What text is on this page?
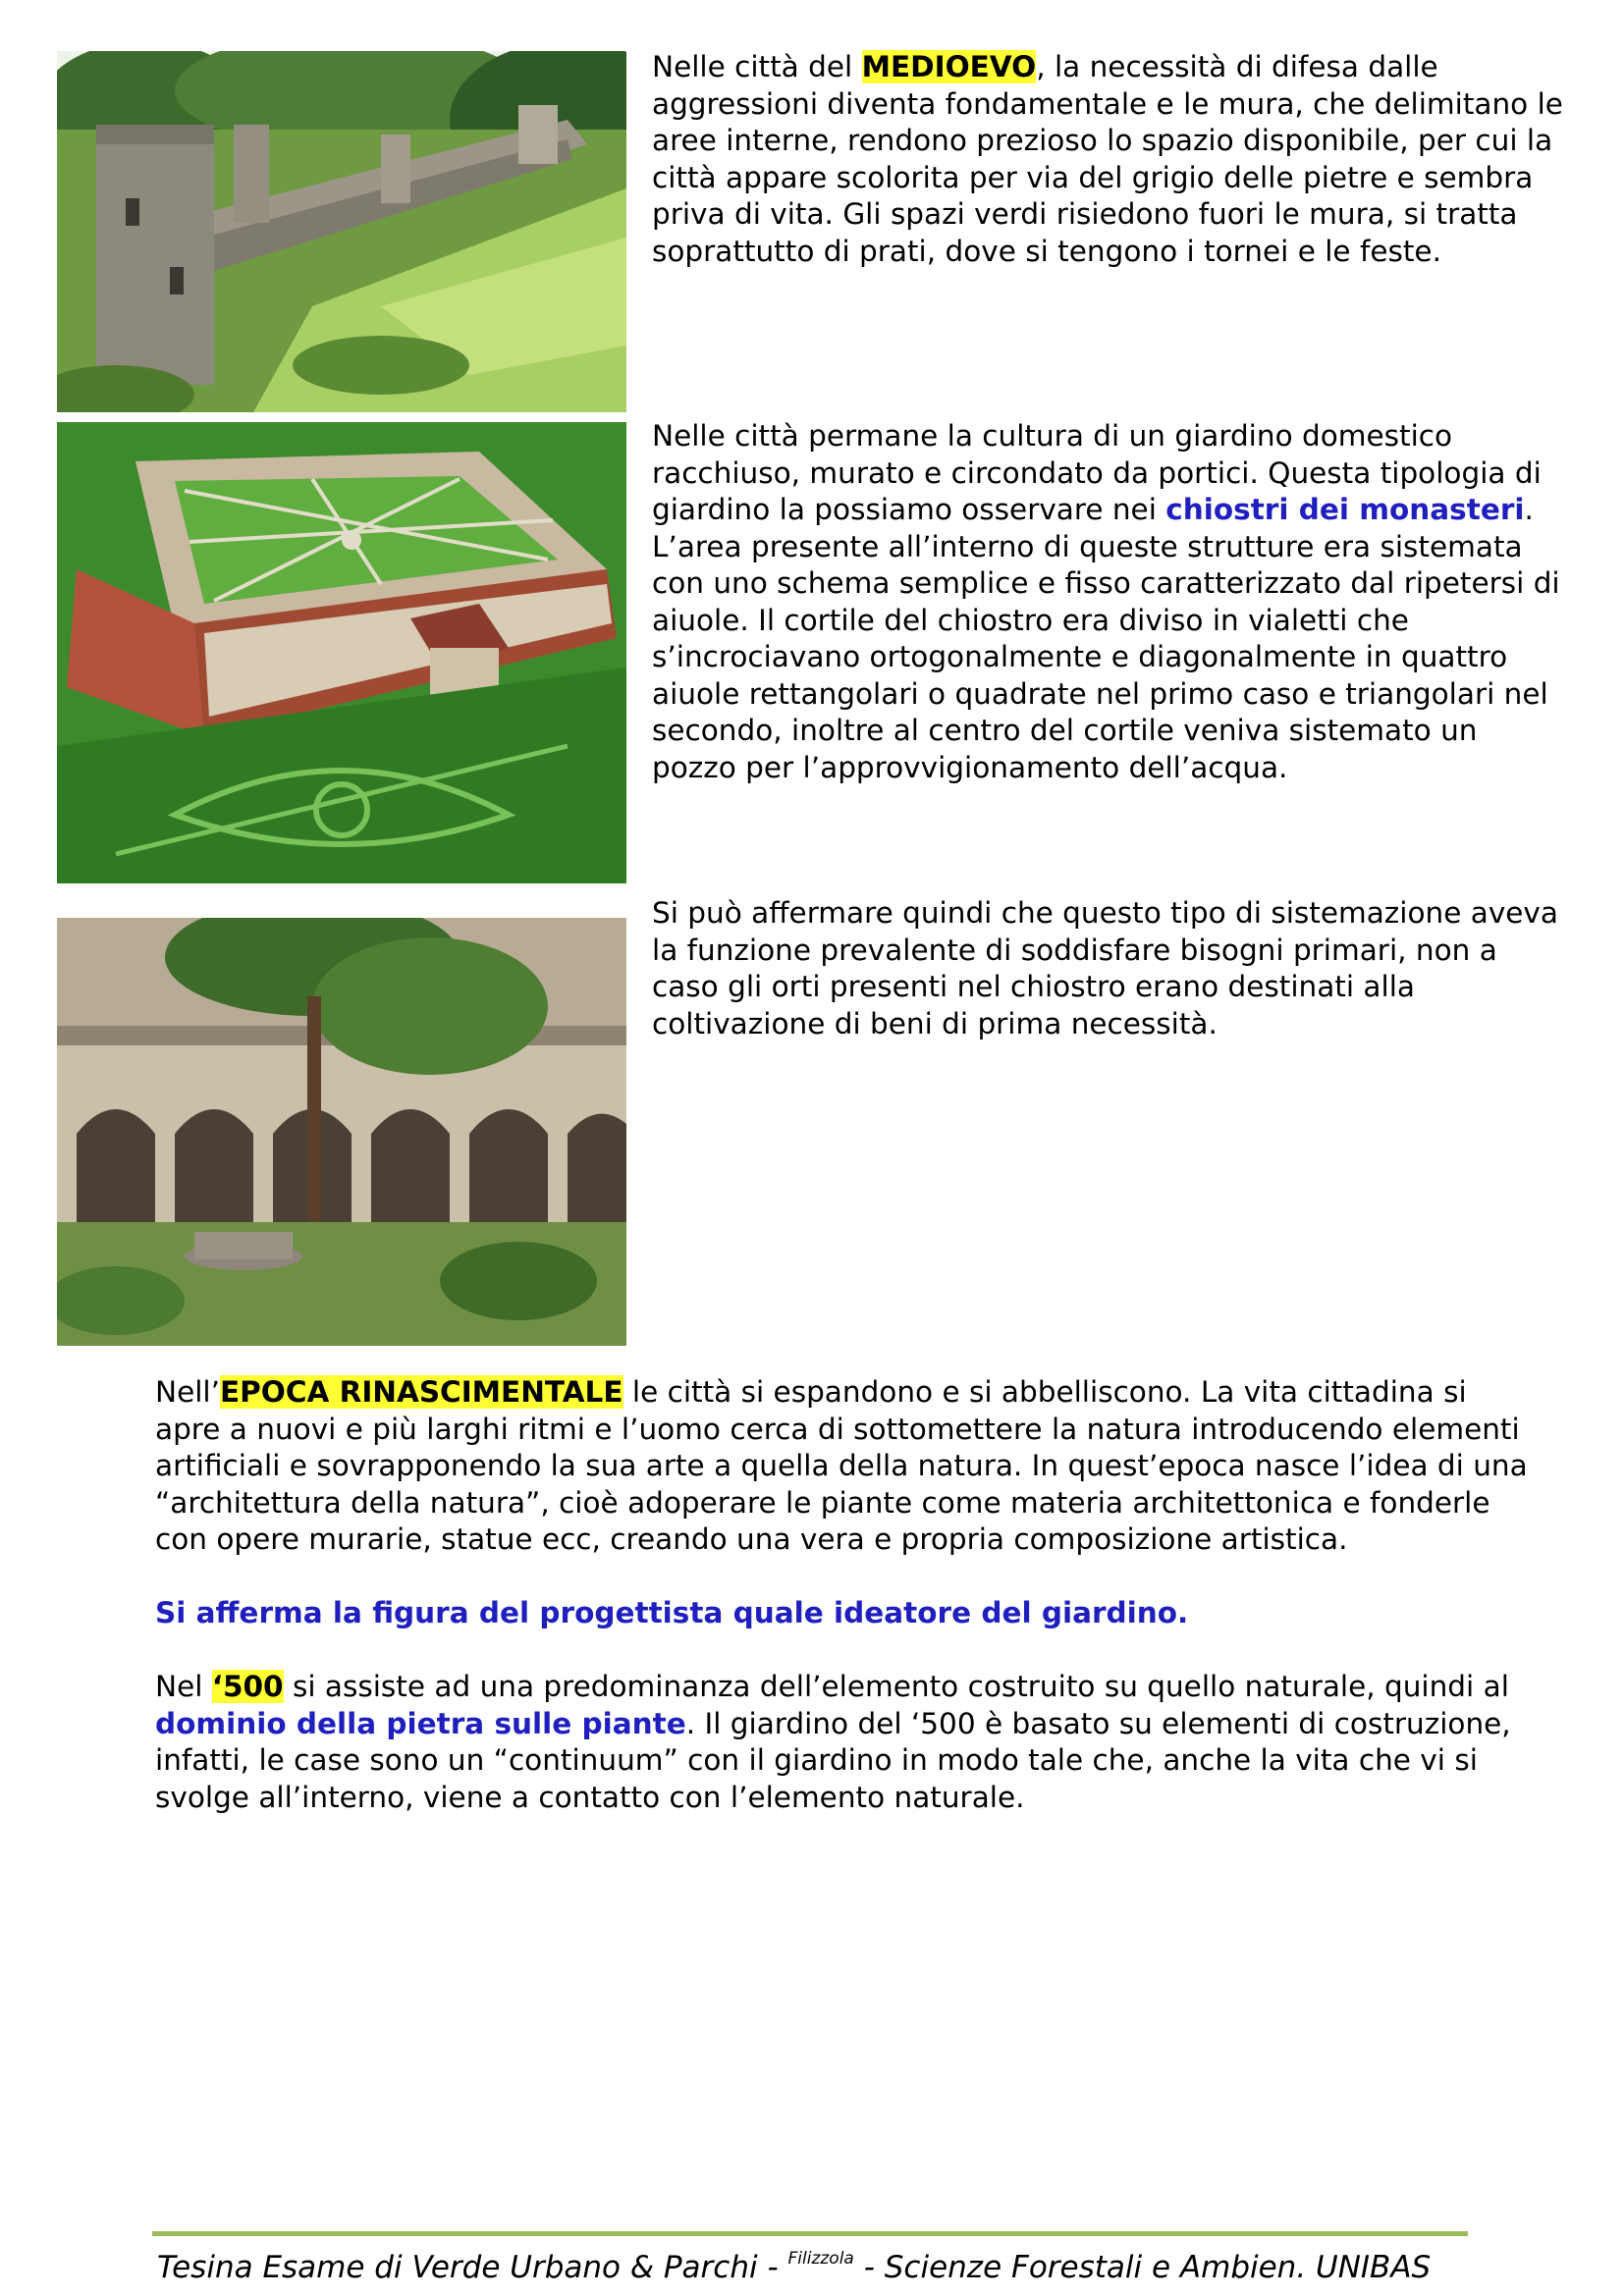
Nelle città del MEDIOEVO, la necessità di difesa dalle aggressioni diventa fondamentale e le mura, che delimitano le aree interne, rendono prezioso lo spazio disponibile, per cui la città appare scolorita per via del grigio delle pietre e sembra priva di vita. Gli spazi verdi risiedono fuori le mura, si tratta soprattutto di prati, dove si tengono i tornei e le feste.

Nelle città permane la cultura di un giardino domestico racchiuso, murato e circondato da portici. Questa tipologia di giardino la possiamo osservare nei chiostri dei monasteri. L’area presente all’interno di queste strutture era sistemata con uno schema semplice e fisso caratterizzato dal ripetersi di aiuole. Il cortile del chiostro era diviso in vialetti che s’incrociavano ortogonalmente e diagonalmente in quattro aiuole rettangolari o quadrate nel primo caso e triangolari nel secondo, inoltre al centro del cortile veniva sistemato un pozzo per l’approvvigionamento dell’acqua.

Si può affermare quindi che questo tipo di sistemazione aveva la funzione prevalente di soddisfare bisogni primari, non a caso gli orti presenti nel chiostro erano destinati alla coltivazione di beni di prima necessità.

Nell’EPOCA RINASCIMENTALE le città si espandono e si abbelliscono. La vita cittadina si apre a nuovi e più larghi ritmi e l’uomo cerca di sottomettere la natura introducendo elementi artificiali e sovrapponendo la sua arte a quella della natura. In quest’epoca nasce l’idea di una “architettura della natura”, cioè adoperare le piante come materia architettonica e fonderle con opere murarie, statue ecc, creando una vera e propria composizione artistica.

Si afferma la figura del progettista quale ideatore del giardino.

Nel ‘500 si assiste ad una predominanza dell’elemento costruito su quello naturale, quindi al dominio della pietra sulle piante. Il giardino del ‘500 è basato su elementi di costruzione, infatti, le case sono un “continuum” con il giardino in modo tale che, anche la vita che vi si svolge all’interno, viene a contatto con l’elemento naturale.

Tesina Esame di Verde Urbano & Parchi - $^{Filizzola}$ - Scienze Forestali e Ambien. UNIBAS
